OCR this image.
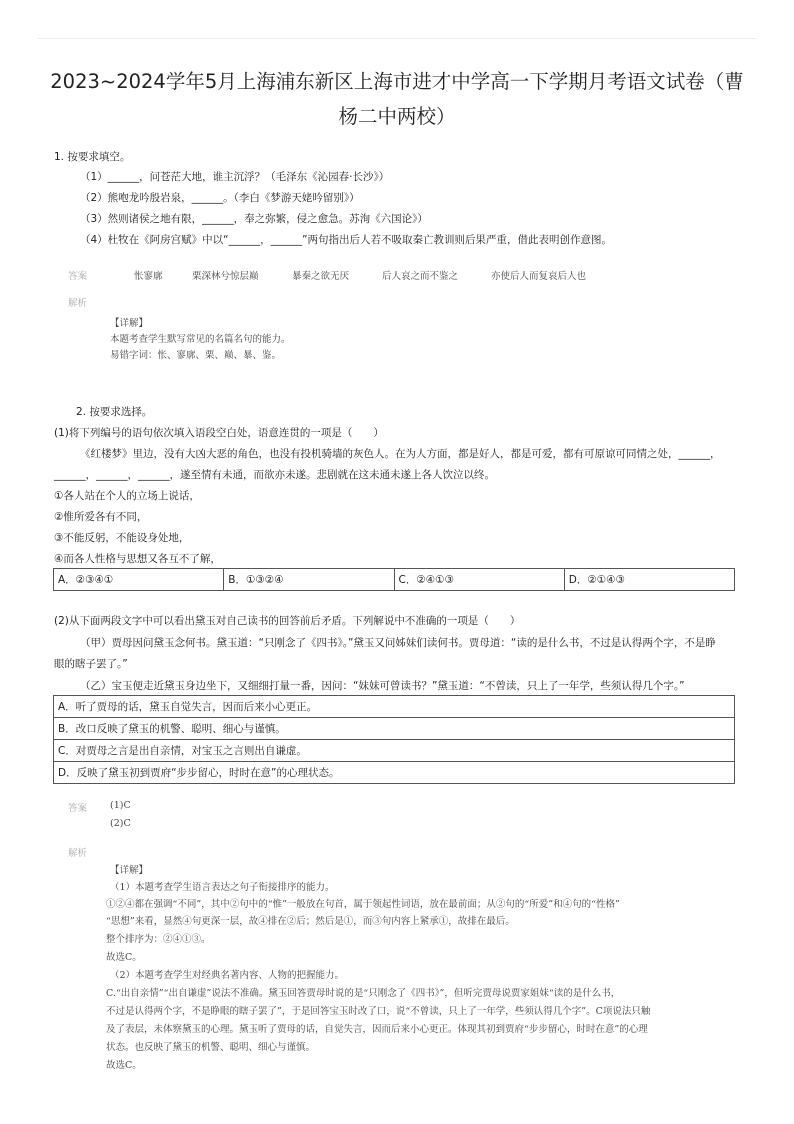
2023~2024学年5月上海浦东新区上海市进才中学高一下学期月考语文试卷（曹
杨二中两校）
1. 按要求填空。
（1）______，问苍茫大地，谁主沉浮？（毛泽东《沁园春·长沙》）
（2）熊咆龙吟殷岩泉，______。（李白《梦游天姥吟留别》）
（3）然则诸侯之地有限，______，奉之弥繁，侵之愈急。苏洵《六国论》）
（4）杜牧在《阿房宫赋》中以“______，______”两句指出后人若不吸取秦亡教训则后果严重，借此表明创作意图。
答案	怅寥廓	栗深林兮惊层巅	暴秦之欲无厌	后人哀之而不鉴之	亦使后人而复哀后人也
解析
【详解】
本题考查学生默写常见的名篇名句的能力。
易错字词：怅、寥廓、栗、巅、暴、鉴。
2. 按要求选择。
(1)将下列编号的语句依次填入语段空白处，语意连贯的一项是（　　）
《红楼梦》里边，没有大凶大恶的角色，也没有投机骑墙的灰色人。在为人方面，都是好人，都是可爱，都有可原谅可同情之处，______，
______，______，______，遂至情有未通，而欲亦未遂。悲剧就在这未通未遂上各人饮泣以终。
①各人站在个人的立场上说话，
②惟所爱各有不同，
③不能反躬，不能设身处地，
④而各人性格与思想又各互不了解，
A．②③④①	B．①③②④	C．②④①③	D．②①④③
(2)从下面两段文字中可以看出黛玉对自己读书的回答前后矛盾。下列解说中不准确的一项是（　　）
（甲）贾母因问黛玉念何书。黛玉道：“只刚念了《四书》。”黛玉又问姊妹们读何书。贾母道：“读的是什么书，不过是认得两个字，不是睁
眼的瞎子罢了。”
（乙）宝玉便走近黛玉身边坐下，又细细打量一番，因问：“妹妹可曾读书？”黛玉道：“不曾读，只上了一年学，些须认得几个字。”
A．听了贾母的话，黛玉自觉失言，因而后来小心更正。
B．改口反映了黛玉的机警、聪明、细心与谨慎。
C．对贾母之言是出自亲情，对宝玉之言则出自谦虚。
D．反映了黛玉初到贾府“步步留心，时时在意”的心理状态。
答案 (1)C
(2)C
解析
【详解】
（1）本题考查学生语言表达之句子衔接排序的能力。
①②④都在强调“不同”，其中②句中的“惟”一般放在句首，属于领起性词语，放在最前面；从②句的“所爱”和④句的“性格”
“思想”来看，显然④句更深一层，故④排在②后；然后是①，而③句内容上紧承①，故排在最后。
整个排序为：②④①③。
故选C。
（2）本题考查学生对经典名著内容、人物的把握能力。
C.“出自亲情”“出自谦虚”说法不准确。黛玉回答贾母时说的是“只刚念了《四书》”，但听完贾母说贾家姐妹“读的是什么书，
不过是认得两个字，不是睁眼的瞎子罢了”，于是回答宝玉时改了口，说“不曾读，只上了一年学，些须认得几个字”。C项说法只触
及了表层，未体察黛玉的心理。黛玉听了贾母的话，自觉失言，因而后来小心更正。体现其初到贾府“步步留心，时时在意”的心理
状态。也反映了黛玉的机警、聪明、细心与谨慎。
故选C。
